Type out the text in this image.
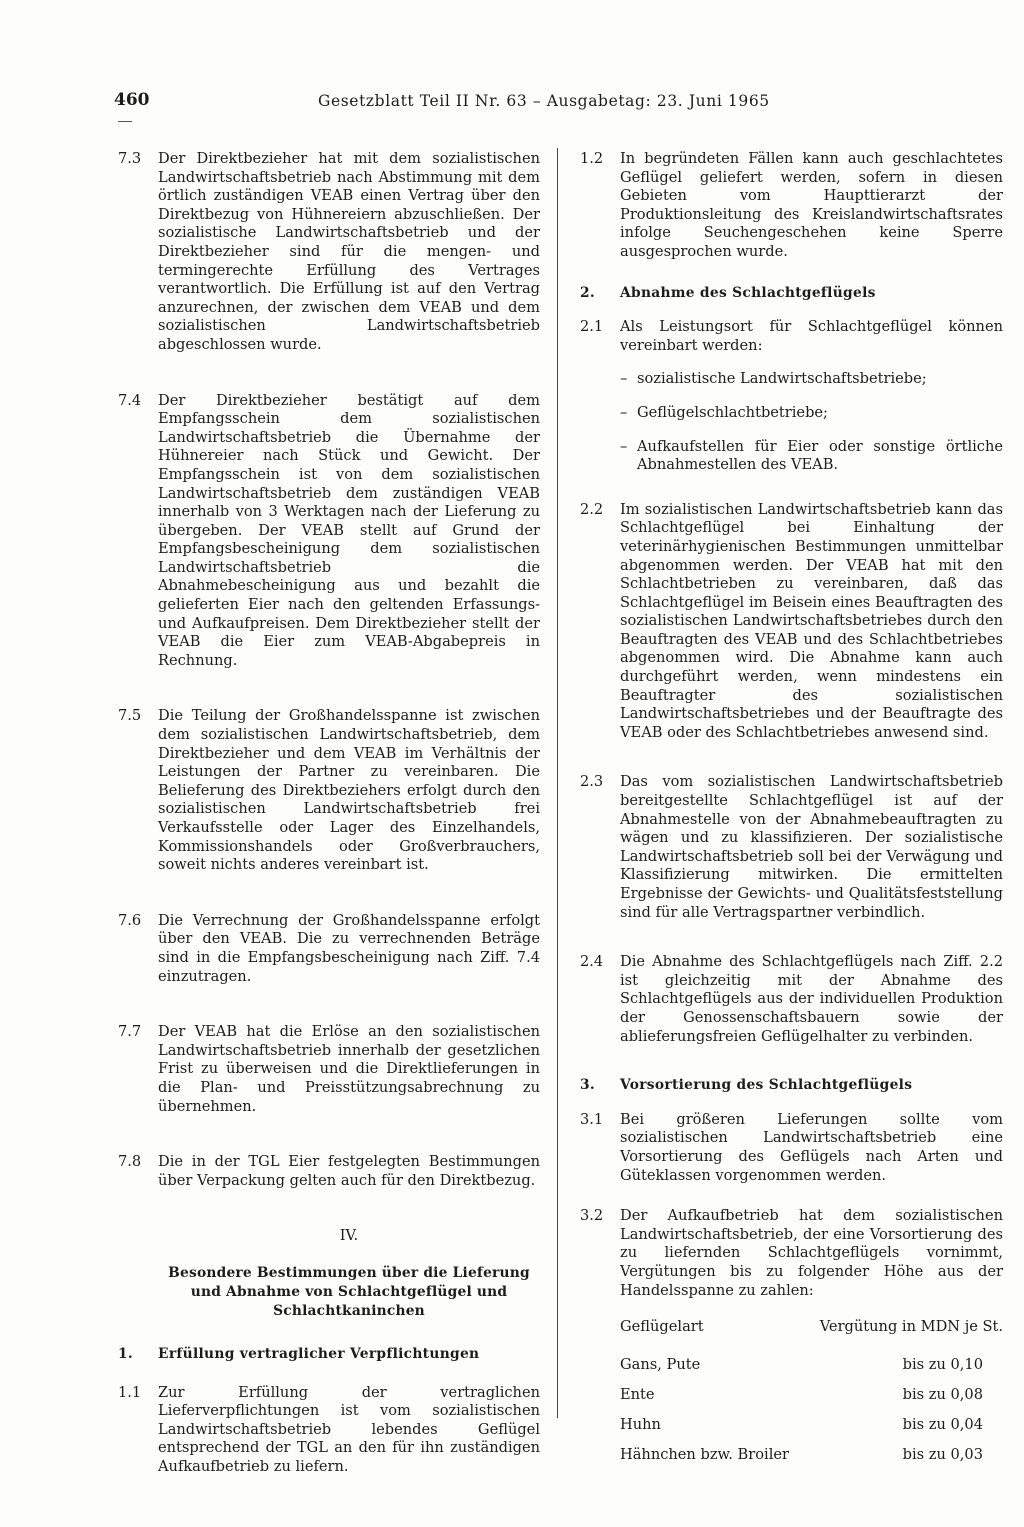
460	Gesetzblatt Teil II Nr. 63 – Ausgabetag: 23. Juni 1965
7.3	Der Direktbezieher hat mit dem sozialistischen Landwirtschaftsbetrieb nach Abstimmung mit dem örtlich zuständigen VEAB einen Vertrag über den Direktbezug von Hühnereiern abzuschließen. Der sozialistische Landwirtschaftsbetrieb und der Direktbezieher sind für die mengen- und termingerechte Erfüllung des Vertrages verantwortlich. Die Erfüllung ist auf den Vertrag anzurechnen, der zwischen dem VEAB und dem sozialistischen Landwirtschaftsbetrieb abgeschlossen wurde.
7.4	Der Direktbezieher bestätigt auf dem Empfangsschein dem sozialistischen Landwirtschaftsbetrieb die Übernahme der Hühnereier nach Stück und Gewicht. Der Empfangsschein ist von dem sozialistischen Landwirtschaftsbetrieb dem zuständigen VEAB innerhalb von 3 Werktagen nach der Lieferung zu übergeben. Der VEAB stellt auf Grund der Empfangsbescheinigung dem sozialistischen Landwirtschaftsbetrieb die Abnahmebescheinigung aus und bezahlt die gelieferten Eier nach den geltenden Erfassungs- und Aufkaufpreisen. Dem Direktbezieher stellt der VEAB die Eier zum VEAB-Abgabepreis in Rechnung.
7.5	Die Teilung der Großhandelsspanne ist zwischen dem sozialistischen Landwirtschaftsbetrieb, dem Direktbezieher und dem VEAB im Verhältnis der Leistungen der Partner zu vereinbaren. Die Belieferung des Direktbeziehers erfolgt durch den sozialistischen Landwirtschaftsbetrieb frei Verkaufsstelle oder Lager des Einzelhandels, Kommissionshandels oder Großverbrauchers, soweit nichts anderes vereinbart ist.
7.6	Die Verrechnung der Großhandelsspanne erfolgt über den VEAB. Die zu verrechnenden Beträge sind in die Empfangsbescheinigung nach Ziff. 7.4 einzutragen.
7.7	Der VEAB hat die Erlöse an den sozialistischen Landwirtschaftsbetrieb innerhalb der gesetzlichen Frist zu überweisen und die Direktlieferungen in die Plan- und Preisstützungsabrechnung zu übernehmen.
7.8	Die in der TGL Eier festgelegten Bestimmungen über Verpackung gelten auch für den Direktbezug.
IV.
Besondere Bestimmungen über die Lieferung und Abnahme von Schlachtgeflügel und Schlachtkaninchen
1.	Erfüllung vertraglicher Verpflichtungen
1.1	Zur Erfüllung der vertraglichen Lieferverpflichtungen ist vom sozialistischen Landwirtschaftsbetrieb lebendes Geflügel entsprechend der TGL an den für ihn zuständigen Aufkaufbetrieb zu liefern.
1.2	In begründeten Fällen kann auch geschlachtetes Geflügel geliefert werden, sofern in diesen Gebieten vom Haupttierarzt der Produktionsleitung des Kreislandwirtschaftsrates infolge Seuchengeschehen keine Sperre ausgesprochen wurde.
2.	Abnahme des Schlachtgeflügels
2.1	Als Leistungsort für Schlachtgeflügel können vereinbart werden:
– sozialistische Landwirtschaftsbetriebe;
– Geflügelschlachtbetriebe;
– Aufkaufstellen für Eier oder sonstige örtliche Abnahmestellen des VEAB.
2.2	Im sozialistischen Landwirtschaftsbetrieb kann das Schlachtgeflügel bei Einhaltung der veterinärhygienischen Bestimmungen unmittelbar abgenommen werden. Der VEAB hat mit den Schlachtbetrieben zu vereinbaren, daß das Schlachtgeflügel im Beisein eines Beauftragten des sozialistischen Landwirtschaftsbetriebes durch den Beauftragten des VEAB und des Schlachtbetriebes abgenommen wird. Die Abnahme kann auch durchgeführt werden, wenn mindestens ein Beauftragter des sozialistischen Landwirtschaftsbetriebes und der Beauftragte des VEAB oder des Schlachtbetriebes anwesend sind.
2.3	Das vom sozialistischen Landwirtschaftsbetrieb bereitgestellte Schlachtgeflügel ist auf der Abnahmestelle von der Abnahmebeauftragten zu wägen und zu klassifizieren. Der sozialistische Landwirtschaftsbetrieb soll bei der Verwägung und Klassifizierung mitwirken. Die ermittelten Ergebnisse der Gewichts- und Qualitätsfeststellung sind für alle Vertragspartner verbindlich.
2.4	Die Abnahme des Schlachtgeflügels nach Ziff. 2.2 ist gleichzeitig mit der Abnahme des Schlachtgeflügels aus der individuellen Produktion der Genossenschaftsbauern sowie der ablieferungsfreien Geflügelhalter zu verbinden.
3.	Vorsortierung des Schlachtgeflügels
3.1	Bei größeren Lieferungen sollte vom sozialistischen Landwirtschaftsbetrieb eine Vorsortierung des Geflügels nach Arten und Güteklassen vorgenommen werden.
3.2	Der Aufkaufbetrieb hat dem sozialistischen Landwirtschaftsbetrieb, der eine Vorsortierung des zu liefernden Schlachtgeflügels vornimmt, Vergütungen bis zu folgender Höhe aus der Handelsspanne zu zahlen:
Geflügelart	Vergütung in MDN je St.
Gans, Pute	bis zu 0,10
Ente	bis zu 0,08
Huhn	bis zu 0,04
Hähnchen bzw. Broiler	bis zu 0,03
